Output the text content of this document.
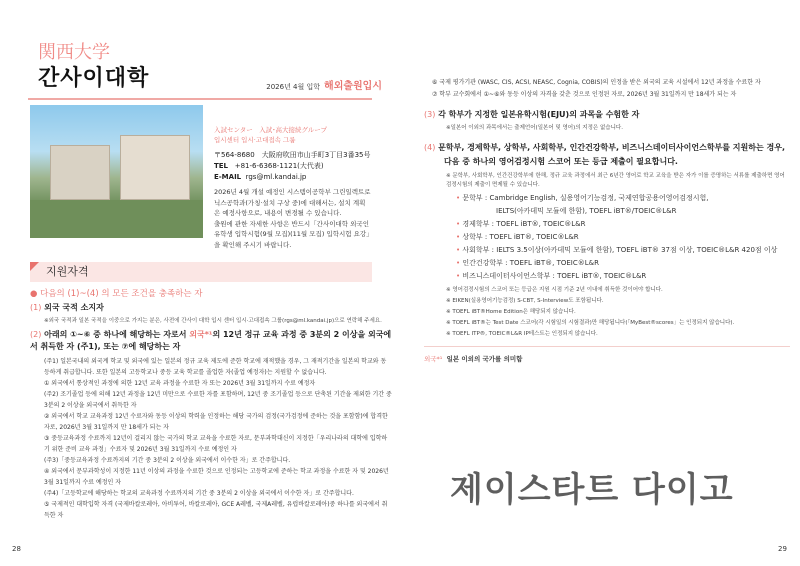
関西大学
간사이대학	2026년 4월 입학 해외출원입시
入試センター　入試･高大接続グループ
입시센터 입시·고대접속 그룹
〒564-8680　大阪府吹田市山手町3丁目3番35号
TEL +81-6-6368-1121(大代表)
E-MAIL rgs@ml.kandai.jp
2026년 4월 개설 예정인 시스템이공학부 그린일렉트로
닉스공학과(가칭·설치 구상 중)에 대해서는, 설치 계획
은 예정사항으로, 내용이 변경될 수 있습니다.
출원에 관한 자세한 사항은 반드시「간사이대학 외국인
유학생 입학시험(9월 모집)(11월 모집) 입학시험 요강」
을 확인해 주시기 바랍니다.
지원자격
● 다음의 (1)~(4) 의 모든 조건을 충족하는 자
(1) 외국 국적 소지자
※외국 국적과 일본 국적을 이중으로 가지는 분은, 사전에 간사이 대학 입시 센터 입시·고대접속 그룹(rgs@ml.kandai.jp)으로 연락해 주세요.
(2) 아래의 ①~⑥ 중 하나에 해당하는 자로서 외국*¹의 12년 정규 교육 과정 중 3분의 2 이상을 외국에서 취득한 자 (주1), 또는 ⑦에 해당하는 자
(주1) 일본국내의 외국계 학교 및 외국에 있는 일본의 정규 교육 제도에 준한 학교에 재적했을 경우, 그 재적기간을 일본의 학교와 동등하게 취급합니다. 또한 일본의 고등학교나 중등 교육 학교를 졸업한 자(졸업 예정자)는 지원할 수 없습니다.
① 외국에서 통상적인 과정에 의한 12년 교육 과정을 수료한 자 또는 2026년 3월 31일까지 수료 예정자
(주2) 조기졸업 등에 의해 12년 과정을 12년 미만으로 수료한 자를 포함하며, 12년 중 조기졸업 등으로 단축된 기간을 제외한 기간 중 3분의 2 이상을 외국에서 취득한 자
② 외국에서 학교 교육과정 12년 수료자와 동등 이상의 학력을 인정하는 해당 국가의 검정(국가검정에 준하는 것을 포함함)에 합격한 자로, 2026년 3월 31일까지 만 18세가 되는 자
③ 중등교육과정 수료까지 12년이 걸리지 않는 국가의 학교 교육을 수료한 자로, 문부과학대신이 지정한「우리나라의 대학에 입학하기 위한 준비 교육 과정」수료자 및 2026년 3월 31일까지 수료 예정인 자
(주3)「중등교육과정 수료까지의 기간 중 3분의 2 이상을 외국에서 이수한 자」로 간주합니다.
④ 외국에서 문부과학성이 지정한 11년 이상의 과정을 수료한 것으로 인정되는 고등학교에 준하는 학교 과정을 수료한 자 및 2026년 3월 31일까지 수료 예정인 자
(주4)「고등학교에 해당하는 학교의 교육과정 수료까지의 기간 중 3분의 2 이상을 외국에서 이수한 자」로 간주합니다.
⑤ 국제적인 대학입학 자격 (국제바칼로레아, 아비투어, 바칼로레아, GCE A레벨, 국제A레벨, 유럽바칼로레아)중 하나를 외국에서 취득한 자
⑥ 국제 평가기관 (WASC, CIS, ACSI, NEASC, Cognia, COBIS)의 인정을 받은 외국의 교육 시설에서 12년 과정을 수료한 자
⑦ 학부 교수회에서 ①~⑥와 동등 이상의 자격을 갖춘 것으로 인정된 자로, 2026년 3월 31일까지 만 18세가 되는 자
(3) 각 학부가 지정한 일본유학시험(EJU)의 과목을 수험한 자
※일본어 이외의 과목에서는 출제언어(일본어 및 영어)의 지정은 없습니다.
(4) 문학부, 경제학부, 상학부, 사회학부, 인간건강학부, 비즈니스데이터사이언스학부를 지원하는 경우, 다음 중 하나의 영어검정시험 스코어 또는 등급 제출이 필요합니다.
※ 문학부, 사회학부, 인간건강학부에 한해, 정규 교육 과정에서 최근 6년간 영어로 학교 교육을 받은 자가 이를 증명하는 서류를 제출하면 영어검정시험의 제출이 면제될 수 있습니다.
• 문학부 : Cambridge English, 실용영어기능검정, 국제연합공용어영어검정시험,
IELTS(아카데믹 모듈에 한함), TOEFL iBT®/TOEIC®L&R
• 경제학부 : TOEFL iBT®, TOEIC®L&R
• 상학부 : TOEFL iBT®, TOEIC®L&R
• 사회학부 : IELTS 3.5이상(아카데믹 모듈에 한함), TOEFL iBT® 37점 이상, TOEIC®L&R 420점 이상
• 인간건강학부 : TOEFL iBT®, TOEIC®L&R
• 비즈니스데이터사이언스학부 : TOEFL iBT®, TOEIC®L&R
※ 영어검정시험의 스코어 또는 등급은 지원 시점 기준 2년 이내에 취득한 것이어야 합니다.
※ EIKEN(실용영어기능검정) S-CBT, S-Interview도 포함됩니다.
※ TOEFL iBT®Home Edition은 해당되지 않습니다.
※ TOEFL iBT®는 Test Date 스코어(각 시험일의 시험결과)만 해당됩니다(「MyBest®scores」는 인정되지 않습니다).
※ TOEFL ITP®, TOEIC®L&R IP테스트는 인정되지 않습니다.
외국*¹ 일본 이외의 국가를 의미함
제이스타트 다이고
28	29
